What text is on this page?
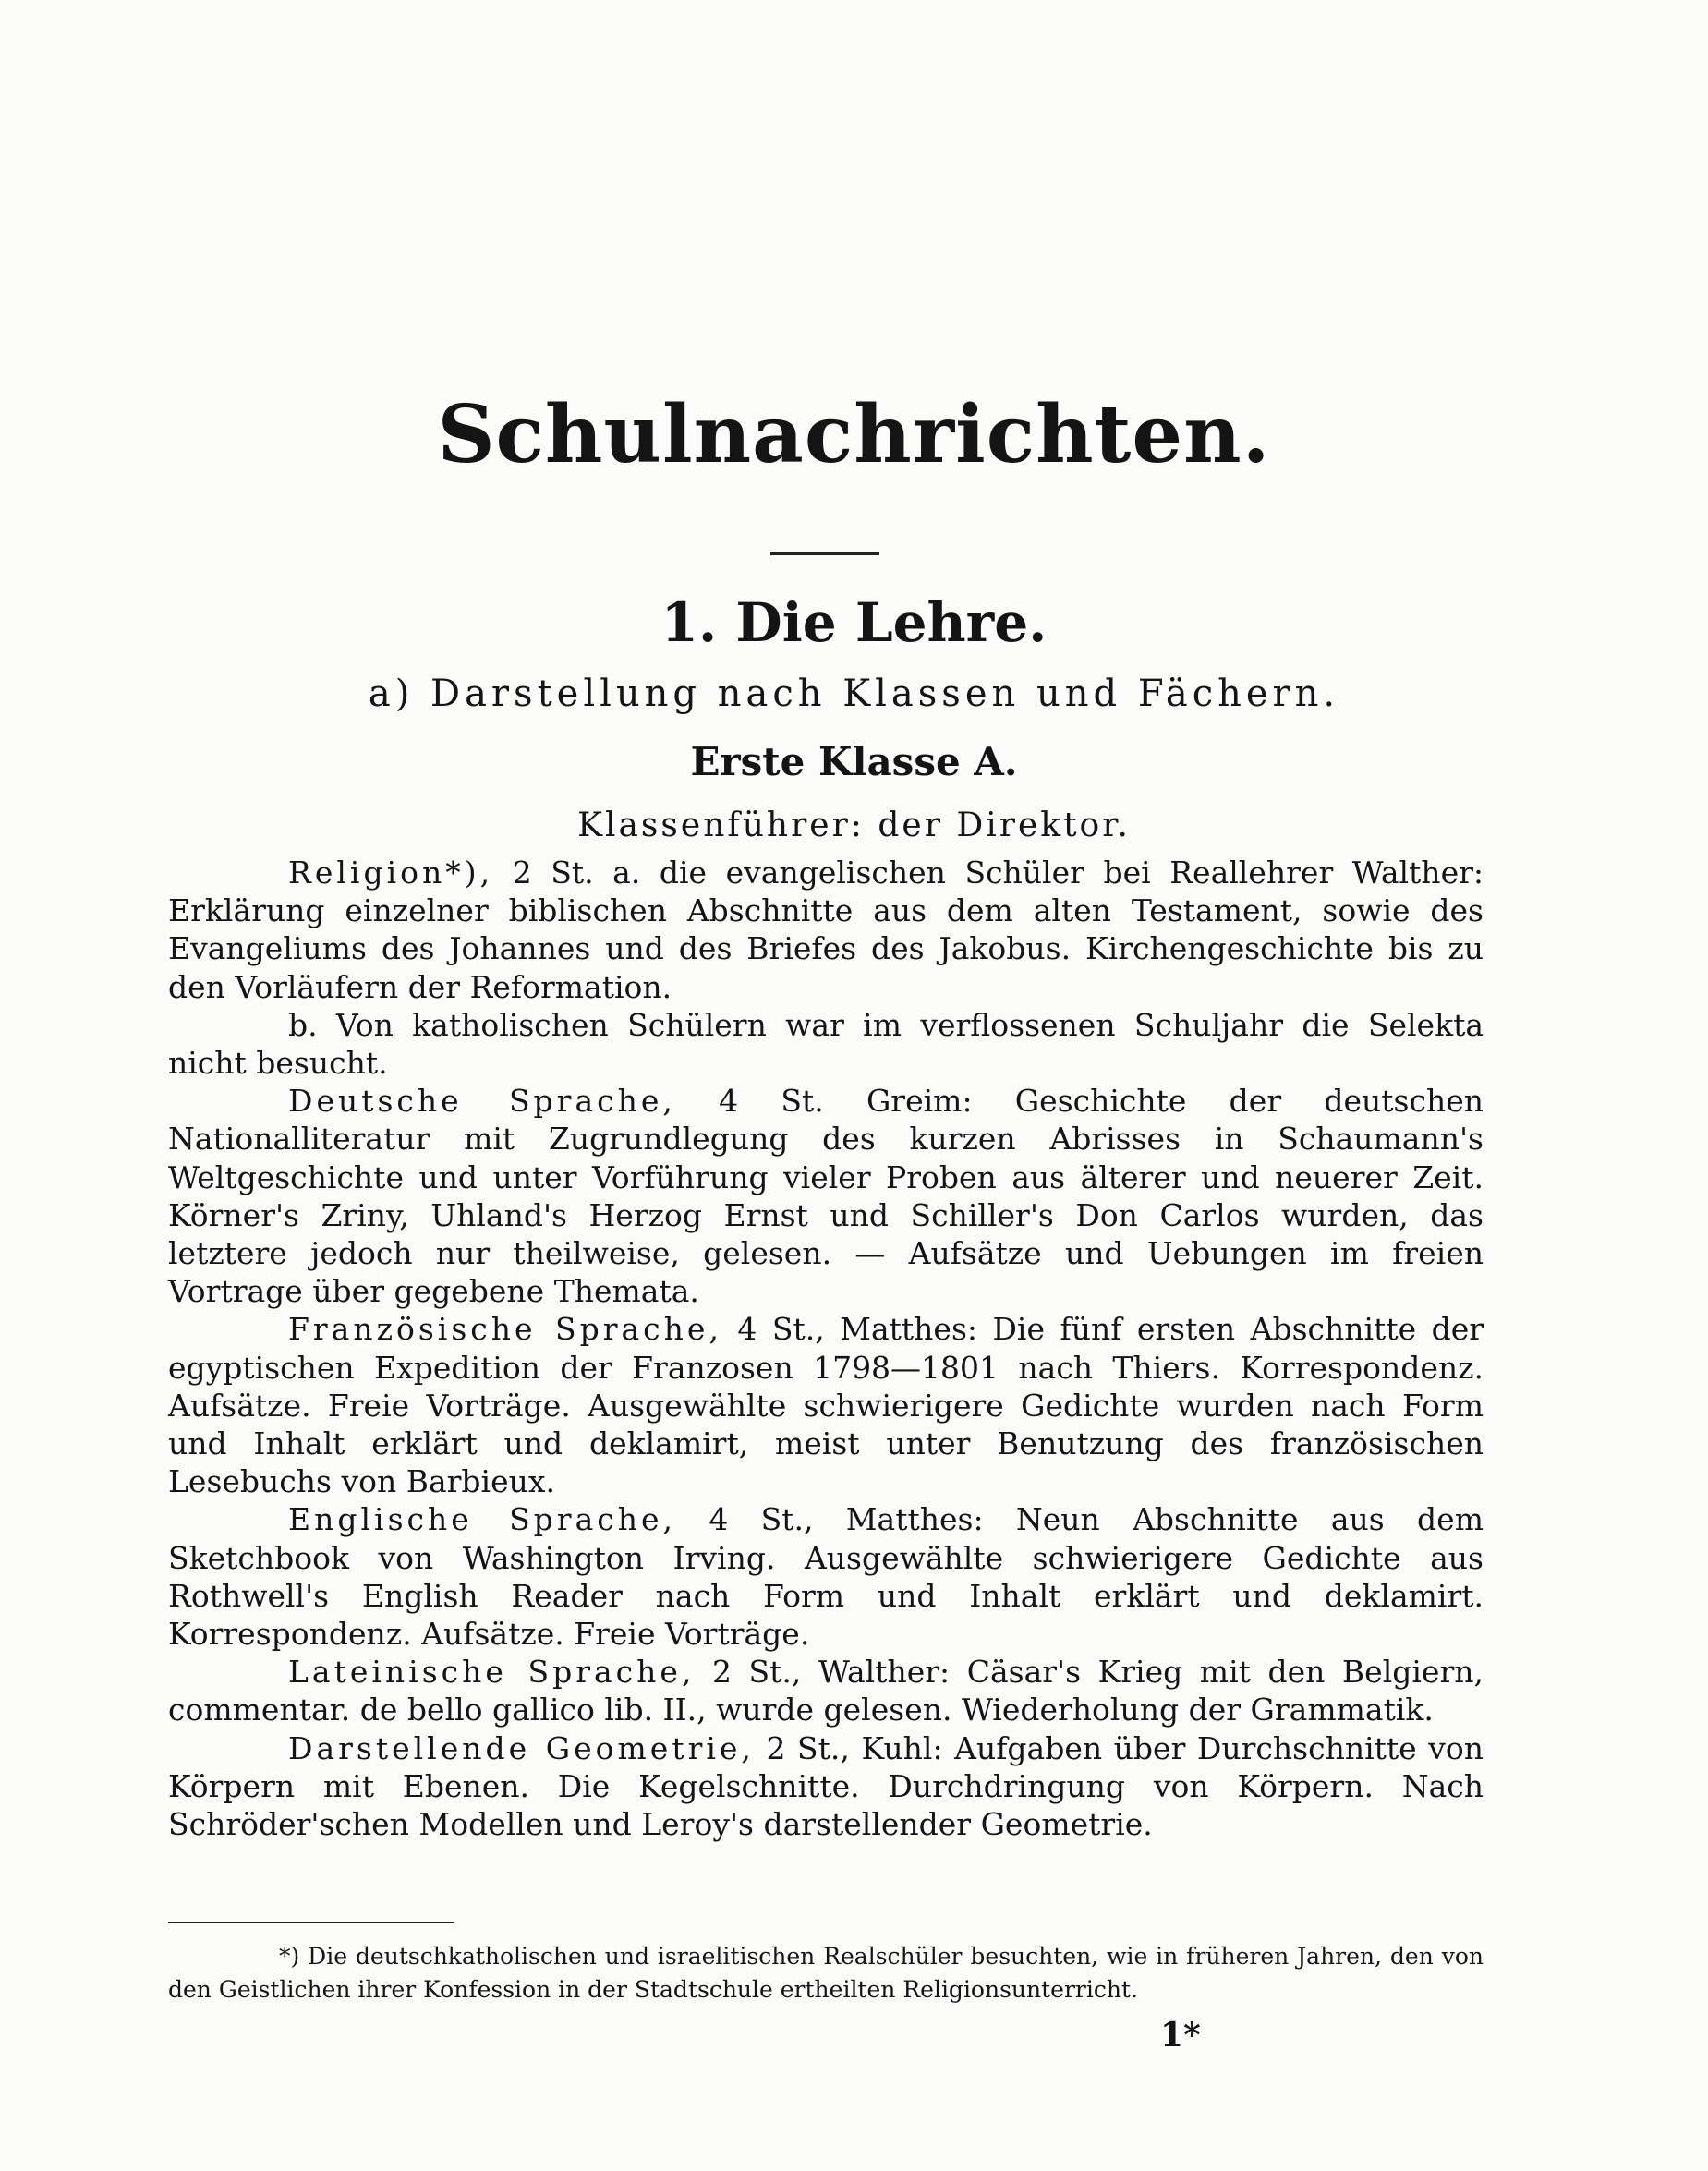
Schulnachrichten.
1. Die Lehre.
a) Darstellung nach Klassen und Fächern.
Erste Klasse A.
Klassenführer: der Direktor.

Religion*), 2 St. a. die evangelischen Schüler bei Reallehrer Walther: Erklärung einzelner biblischen Abschnitte aus dem alten Testament, sowie des Evangeliums des Johannes und des Briefes des Jakobus. Kirchengeschichte bis zu den Vorläufern der Reformation.

b. Von katholischen Schülern war im verflossenen Schuljahr die Selekta nicht besucht.

Deutsche Sprache, 4 St. Greim: Geschichte der deutschen Nationalliteratur mit Zugrundlegung des kurzen Abrisses in Schaumann's Weltgeschichte und unter Vorführung vieler Proben aus älterer und neuerer Zeit. Körner's Zriny, Uhland's Herzog Ernst und Schiller's Don Carlos wurden, das letztere jedoch nur theilweise, gelesen. — Aufsätze und Uebungen im freien Vortrage über gegebene Themata.

Französische Sprache, 4 St., Matthes: Die fünf ersten Abschnitte der egyptischen Expedition der Franzosen 1798—1801 nach Thiers. Korrespondenz. Aufsätze. Freie Vorträge. Ausgewählte schwierigere Gedichte wurden nach Form und Inhalt erklärt und deklamirt, meist unter Benutzung des französischen Lesebuchs von Barbieux.

Englische Sprache, 4 St., Matthes: Neun Abschnitte aus dem Sketchbook von Washington Irving. Ausgewählte schwierigere Gedichte aus Rothwell's English Reader nach Form und Inhalt erklärt und deklamirt. Korrespondenz. Aufsätze. Freie Vorträge.

Lateinische Sprache, 2 St., Walther: Cäsar's Krieg mit den Belgiern, commentar. de bello gallico lib. II., wurde gelesen. Wiederholung der Grammatik.

Darstellende Geometrie, 2 St., Kuhl: Aufgaben über Durchschnitte von Körpern mit Ebenen. Die Kegelschnitte. Durchdringung von Körpern. Nach Schröder'schen Modellen und Leroy's darstellender Geometrie.

*) Die deutschkatholischen und israelitischen Realschüler besuchten, wie in früheren Jahren, den von den Geistlichen ihrer Konfession in der Stadtschule ertheilten Religionsunterricht.
1*
